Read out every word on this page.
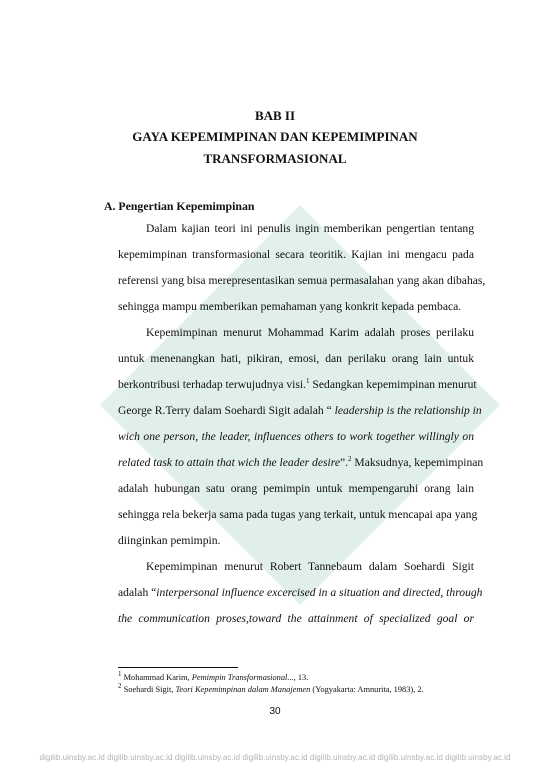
BAB II
GAYA KEPEMIMPINAN DAN KEPEMIMPINAN
TRANSFORMASIONAL
A. Pengertian Kepemimpinan
Dalam kajian teori ini penulis ingin memberikan pengertian tentang
kepemimpinan transformasional secara teoritik. Kajian ini mengacu pada
referensi yang bisa merepresentasikan semua permasalahan yang akan dibahas,
sehingga mampu memberikan pemahaman yang konkrit kepada pembaca.
Kepemimpinan menurut Mohammad Karim adalah proses perilaku
untuk menenangkan hati, pikiran, emosi, dan perilaku orang lain untuk
berkontribusi terhadap terwujudnya visi.$^1$ Sedangkan kepemimpinan menurut
George R.Terry dalam Soehardi Sigit adalah “ leadership is the relationship in
wich one person, the leader, influences others to work together willingly on
related task to attain that wich the leader desire”.$^2$ Maksudnya, kepemimpinan
adalah hubungan satu orang pemimpin untuk mempengaruhi orang lain
sehingga rela bekerja sama pada tugas yang terkait, untuk mencapai apa yang
diinginkan pemimpin.
Kepemimpinan menurut Robert Tannebaum dalam Soehardi Sigit
adalah “interpersonal influence excercised in a situation and directed, through
the communication proses,toward the attainment of specialized goal or
$^1$ Mohammad Karim, Pemimpin Transformasional..., 13.
$^2$ Soehardi Sigit, Teori Kepemimpinan dalam Manajemen (Yogyakarta: Amnurita, 1983), 2.
30
digilib.uinsby.ac.id digilib.uinsby.ac.id digilib.uinsby.ac.id digilib.uinsby.ac.id digilib.uinsby.ac.id digilib.uinsby.ac.id digilib.uinsby.ac.id
